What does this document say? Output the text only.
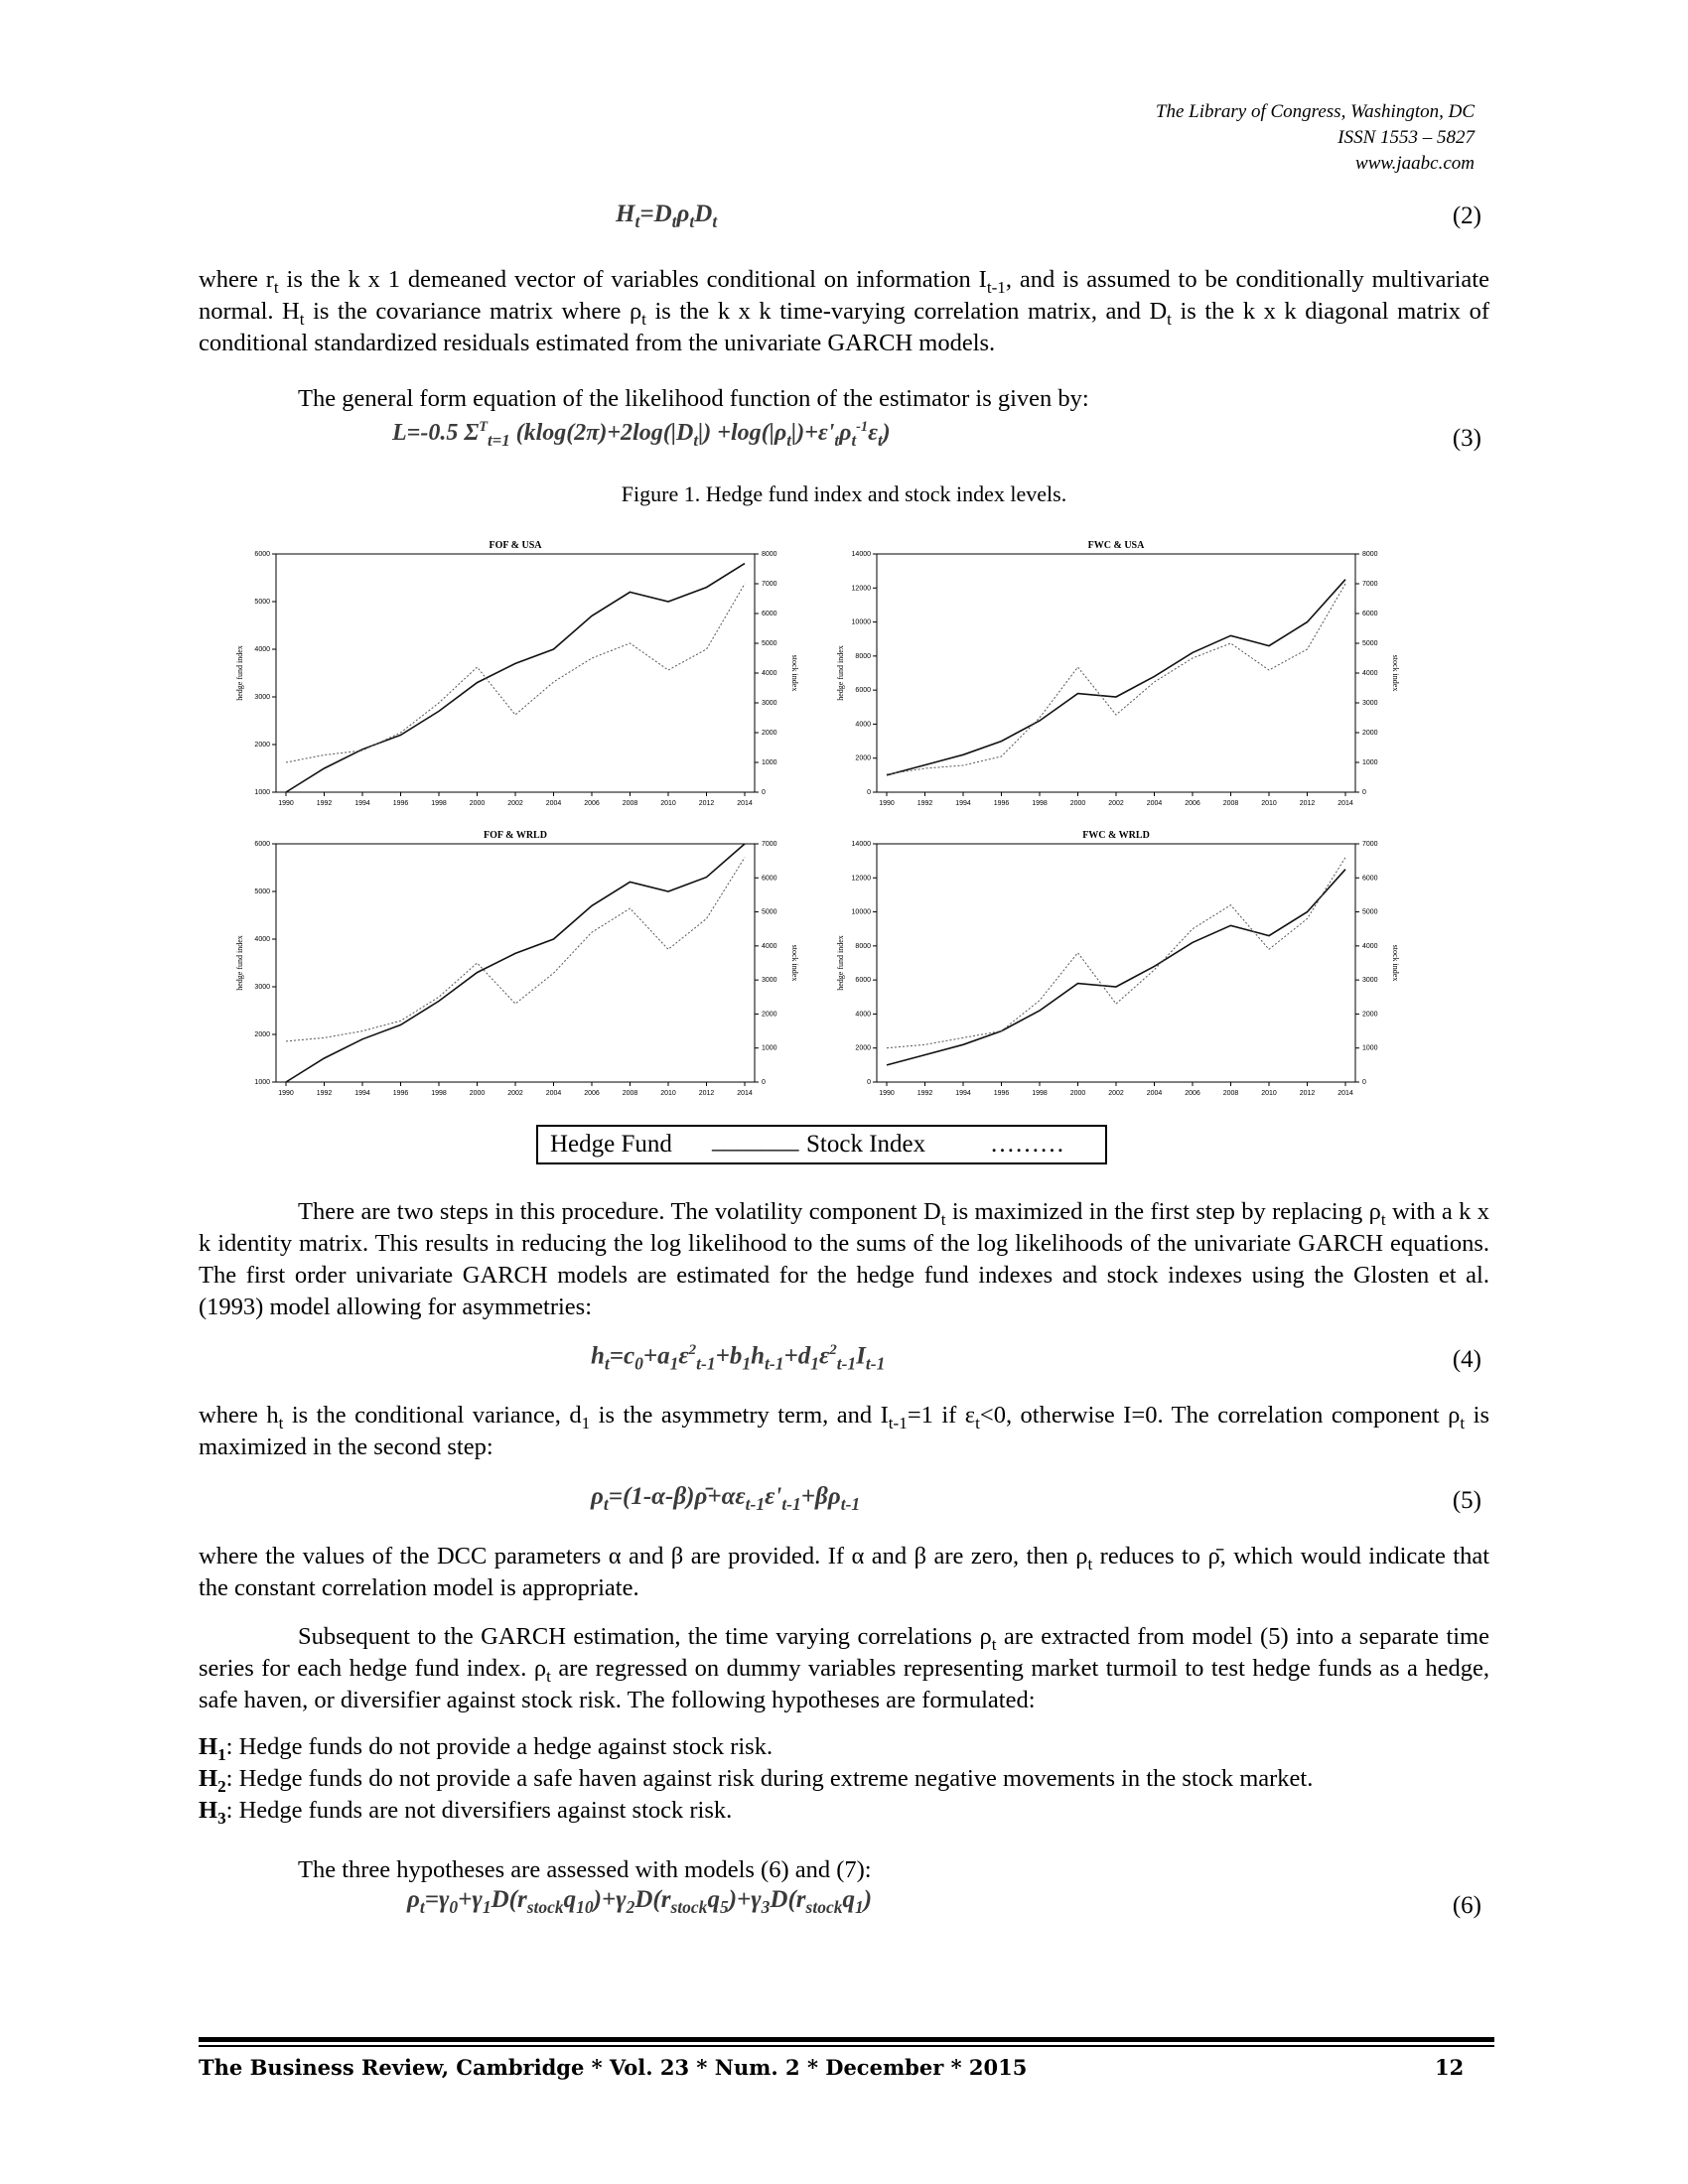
The Library of Congress, Washington, DC
ISSN 1553 – 5827
www.jaabc.com
$H_t=D_t\rho_tD_t$	(2)
where $r_t$ is the k x 1 demeaned vector of variables conditional on information $I_{t-1}$, and is assumed to be conditionally multivariate normal. $H_t$ is the covariance matrix where $\rho_t$ is the k x k time-varying correlation matrix, and $D_t$ is the k x k diagonal matrix of conditional standardized residuals estimated from the univariate GARCH models.
The general form equation of the likelihood function of the estimator is given by:
L=-0.5 $\Sigma^T_{t=1}$ $(klog(2\pi)+2\log(|D_t|) +\log(|\rho_t|)+\varepsilon'_t\rho_t^{-1}\varepsilon_t)$	(3)
Figure 1. Hedge fund index and stock index levels.
FOF & USA
hedge fund index	stock index
1990	1992	1994	1996	1998	2000	2002	2004	2006	2008	2010	2012	2014
1000
2000
3000
4000
5000
6000
0
1000
2000
3000
4000
5000
6000
7000
8000
FWC & USA
hedge fund index	stock index
1990	1992	1994	1996	1998	2000	2002	2004	2006	2008	2010	2012	2014
0
2000
4000
6000
8000
10000
12000
14000
0
1000
2000
3000
4000
5000
6000
7000
8000
FOF & WRLD
hedge fund index	stock index
1990	1992	1994	1996	1998	2000	2002	2004	2006	2008	2010	2012	2014
1000
2000
3000
4000
5000
6000
0
1000
2000
3000
4000
5000
6000
7000
FWC & WRLD
hedge fund index	stock index
1990	1992	1994	1996	1998	2000	2002	2004	2006	2008	2010	2012	2014
0
2000
4000
6000
8000
10000
12000
14000
0
1000
2000
3000
4000
5000
6000
7000
Hedge Fund _______ Stock Index	………
There are two steps in this procedure. The volatility component $D_t$ is maximized in the first step by replacing $\rho_t$ with a k x k identity matrix. This results in reducing the log likelihood to the sums of the log likelihoods of the univariate GARCH equations. The first order univariate GARCH models are estimated for the hedge fund indexes and stock indexes using the Glosten et al. (1993) model allowing for asymmetries:
$h_t=c_0+a_1\varepsilon^2_{t-1}+b_1h_{t-1}+d_1\varepsilon^2_{t-1}I_{t-1}$	(4)
where $h_t$ is the conditional variance, $d_1$ is the asymmetry term, and $I_{t-1}=1$ if $\varepsilon_t<0$, otherwise I=0. The correlation component $\rho_t$ is maximized in the second step:
$\rho_t=(1-\alpha-\beta)\rhō+\alpha\varepsilon_{t-1}\varepsilon'_{t-1}+\beta\rho_{t-1}$	(5)
where the values of the DCC parameters α and β are provided. If α and β are zero, then $\rho_t$ reduces to ρ̄, which would indicate that the constant correlation model is appropriate.
Subsequent to the GARCH estimation, the time varying correlations $\rho_t$ are extracted from model (5) into a separate time series for each hedge fund index. $\rho_t$ are regressed on dummy variables representing market turmoil to test hedge funds as a hedge, safe haven, or diversifier against stock risk. The following hypotheses are formulated:
$H_1$: Hedge funds do not provide a hedge against stock risk.
$H_2$: Hedge funds do not provide a safe haven against risk during extreme negative movements in the stock market.
$H_3$: Hedge funds are not diversifiers against stock risk.
The three hypotheses are assessed with models (6) and (7):
$\rho_t=\gamma_0+\gamma_1D(r_{stock}q_{10})+\gamma_2D(r_{stock}q_5)+\gamma_3D(r_{stock}q_1)$	(6)
The Business Review, Cambridge * Vol. 23 * Num. 2 * December * 2015	12
